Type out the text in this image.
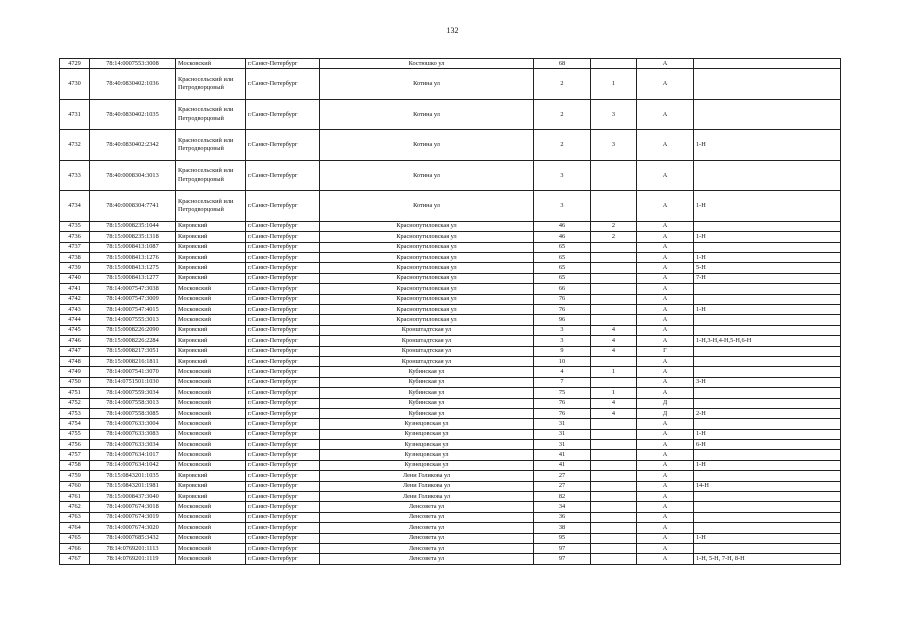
132
4729	78:14:0007553:3008	Московский	г.Санкт-Петербург	Костюшко ул	68		А	
4730	78:40:0830402:1036	Красносельский или Петродворцовый	г.Санкт-Петербург	Котина ул	2	1	А	
4731	78:40:0830402:1035	Красносельский или Петродворцовый	г.Санкт-Петербург	Котина ул	2	3	А	
4732	78:40:0830402:2342	Красносельский или Петродворцовый	г.Санкт-Петербург	Котина ул	2	3	А	1-Н
4733	78:40:0008304:3013	Красносельский или Петродворцовый	г.Санкт-Петербург	Котина ул	3		А	
4734	78:40:0008304:7741	Красносельский или Петродворцовый	г.Санкт-Петербург	Котина ул	3		А	1-Н
4735	78:15:0008235:1044	Кировский	г.Санкт-Петербург	Краснопутиловская ул	46	2	А	
4736	78:15:0008235:1318	Кировский	г.Санкт-Петербург	Краснопутиловская ул	46	2	А	1-Н
4737	78:15:0008413:1087	Кировский	г.Санкт-Петербург	Краснопутиловская ул	65		А	
4738	78:15:0008413:1276	Кировский	г.Санкт-Петербург	Краснопутиловская ул	65		А	1-Н
4739	78:15:0008413:1275	Кировский	г.Санкт-Петербург	Краснопутиловская ул	65		А	5-Н
4740	78:15:0008413:1277	Кировский	г.Санкт-Петербург	Краснопутиловская ул	65		А	7-Н
4741	78:14:0007547:3038	Московский	г.Санкт-Петербург	Краснопутиловская ул	66		А	
4742	78:14:0007547:3009	Московский	г.Санкт-Петербург	Краснопутиловская ул	76		А	
4743	78:14:0007547:4015	Московский	г.Санкт-Петербург	Краснопутиловская ул	76		А	1-Н
4744	78:14:0007555:3013	Московский	г.Санкт-Петербург	Краснопутиловская ул	96		А	
4745	78:15:0008226:2090	Кировский	г.Санкт-Петербург	Кронштадтская ул	3	4	А	
4746	78:15:0008226:2284	Кировский	г.Санкт-Петербург	Кронштадтская ул	3	4	А	1-Н,3-Н,4-Н,5-Н,6-Н
4747	78:15:0008217:3051	Кировский	г.Санкт-Петербург	Кронштадтская ул	9	4	Г	
4748	78:15:0008216:1811	Кировский	г.Санкт-Петербург	Кронштадтская ул	10		А	
4749	78:14:0007541:3070	Московский	г.Санкт-Петербург	Кубинская ул	4	1	А	
4750	78:14:0751501:1030	Московский	г.Санкт-Петербург	Кубинская ул	7		А	3-Н
4751	78:14:0007559:3034	Московский	г.Санкт-Петербург	Кубинская ул	75	1	А	
4752	78:14:0007558:3013	Московский	г.Санкт-Петербург	Кубинская ул	76	4	Д	
4753	78:14:0007558:3085	Московский	г.Санкт-Петербург	Кубинская ул	76	4	Д	2-Н
4754	78:14:0007633:3004	Московский	г.Санкт-Петербург	Кузнецовская ул	31		А	
4755	78:14:0007633:3083	Московский	г.Санкт-Петербург	Кузнецовская ул	31		А	1-Н
4756	78:14:0007633:3034	Московский	г.Санкт-Петербург	Кузнецовская ул	31		А	6-Н
4757	78:14:0007634:1017	Московский	г.Санкт-Петербург	Кузнецовская ул	41		А	
4758	78:14:0007634:1042	Московский	г.Санкт-Петербург	Кузнецовская ул	41		А	1-Н
4759	78:15:0843201:1035	Кировский	г.Санкт-Петербург	Лени Голикова ул	27		А	
4760	78:15:0843201:1981	Кировский	г.Санкт-Петербург	Лени Голикова ул	27		А	14-Н
4761	78:15:0008437:3040	Кировский	г.Санкт-Петербург	Лени Голикова ул	82		А	
4762	78:14:0007674:3018	Московский	г.Санкт-Петербург	Ленсовета ул	34		А	
4763	78:14:0007674:3019	Московский	г.Санкт-Петербург	Ленсовета ул	36		А	
4764	78:14:0007674:3020	Московский	г.Санкт-Петербург	Ленсовета ул	38		А	
4765	78:14:0007685:3432	Московский	г.Санкт-Петербург	Ленсовета ул	95		А	1-Н
4766	78:14:0769201:1113	Московский	г.Санкт-Петербург	Ленсовета ул	97		А	
4767	78:14:0769201:1119	Московский	г.Санкт-Петербург	Ленсовета ул	97		А	1-Н, 5-Н, 7-Н, 8-Н
